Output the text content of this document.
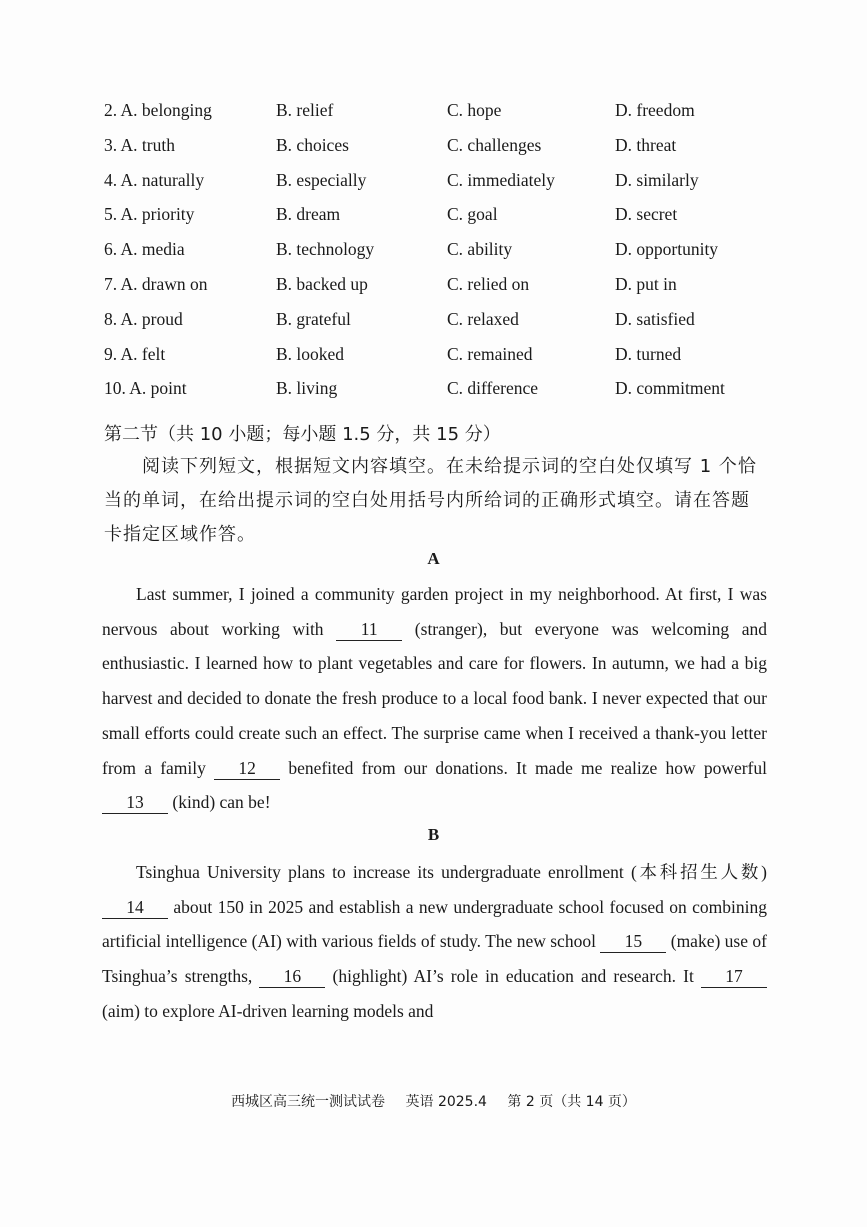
2. A. belonging	B. relief	C. hope	D. freedom
3. A. truth	B. choices	C. challenges	D. threat
4. A. naturally	B. especially	C. immediately	D. similarly
5. A. priority	B. dream	C. goal	D. secret
6. A. media	B. technology	C. ability	D. opportunity
7. A. drawn on	B. backed up	C. relied on	D. put in
8. A. proud	B. grateful	C. relaxed	D. satisfied
9. A. felt	B. looked	C. remained	D. turned
10. A. point	B. living	C. difference	D. commitment
第二节（共 10 小题；每小题 1.5 分，共 15 分）
阅读下列短文，根据短文内容填空。在未给提示词的空白处仅填写 1 个恰当的单词，在给出提示词的空白处用括号内所给词的正确形式填空。请在答题卡指定区域作答。
A

Last summer, I joined a community garden project in my neighborhood. At first, I was nervous about working with 11 (stranger), but everyone was welcoming and enthusiastic. I learned how to plant vegetables and care for flowers. In autumn, we had a big harvest and decided to donate the fresh produce to a local food bank. I never expected that our small efforts could create such an effect. The surprise came when I received a thank-you letter from a family 12 benefited from our donations. It made me realize how powerful 13 (kind) can be!

B

Tsinghua University plans to increase its undergraduate enrollment (本科招生人数) 14 about 150 in 2025 and establish a new undergraduate school focused on combining artificial intelligence (AI) with various fields of study. The new school 15 (make) use of Tsinghua’s strengths, 16 (highlight) AI’s role in education and research. It 17 (aim) to explore AI-driven learning models and

西城区高三统一测试试卷 英语 2025.4 第 2 页（共 14 页）
